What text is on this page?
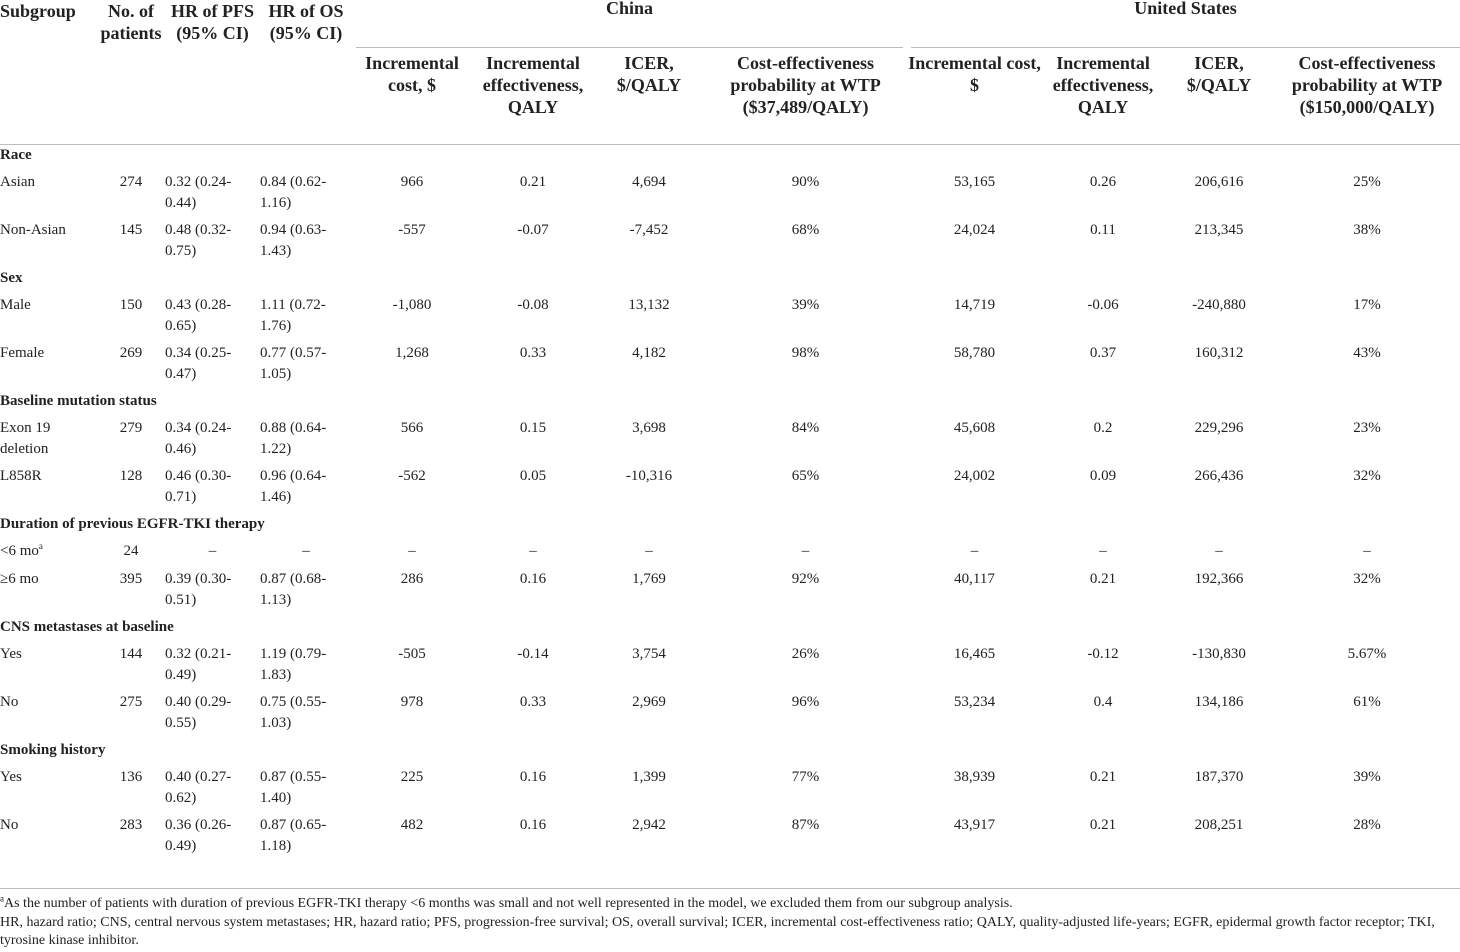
Subgroup	No. of patients	HR of PFS (95% CI)	HR of OS (95% CI)	China				United States			

				Incremental cost, $	Incremental effectiveness, QALY	ICER, $/QALY	Cost-effectiveness probability at WTP ($37,489/QALY)	Incremental cost, $	Incremental effectiveness, QALY	ICER, $/QALY	Cost-effectiveness probability at WTP ($150,000/QALY)
Race											
Asian	274	0.32 (0.24-0.44)	0.84 (0.62-1.16)	966	0.21	4,694	90%	53,165	0.26	206,616	25%
Non-Asian	145	0.48 (0.32-0.75)	0.94 (0.63-1.43)	-557	-0.07	-7,452	68%	24,024	0.11	213,345	38%
Sex											
Male	150	0.43 (0.28-0.65)	1.11 (0.72-1.76)	-1,080	-0.08	13,132	39%	14,719	-0.06	-240,880	17%
Female	269	0.34 (0.25-0.47)	0.77 (0.57-1.05)	1,268	0.33	4,182	98%	58,780	0.37	160,312	43%
Baseline mutation status											
Exon 19 deletion	279	0.34 (0.24-0.46)	0.88 (0.64-1.22)	566	0.15	3,698	84%	45,608	0.2	229,296	23%
L858R	128	0.46 (0.30-0.71)	0.96 (0.64-1.46)	-562	0.05	-10,316	65%	24,002	0.09	266,436	32%
Duration of previous EGFR-TKI therapy											
<6 $mo^a$	24	–	–	–	–	–	–	–	–	–	–
≥6 mo	395	0.39 (0.30-0.51)	0.87 (0.68-1.13)	286	0.16	1,769	92%	40,117	0.21	192,366	32%
CNS metastases at baseline											
Yes	144	0.32 (0.21-0.49)	1.19 (0.79-1.83)	-505	-0.14	3,754	26%	16,465	-0.12	-130,830	5.67%
No	275	0.40 (0.29-0.55)	0.75 (0.55-1.03)	978	0.33	2,969	96%	53,234	0.4	134,186	61%
Smoking history											
Yes	136	0.40 (0.27-0.62)	0.87 (0.55-1.40)	225	0.16	1,399	77%	38,939	0.21	187,370	39%
No	283	0.36 (0.26-0.49)	0.87 (0.65-1.18)	482	0.16	2,942	87%	43,917	0.21	208,251	28%

$^a$As the number of patients with duration of previous EGFR-TKI therapy <6 months was small and not well represented in the model, we excluded them from our subgroup analysis.

HR, hazard ratio; CNS, central nervous system metastases; HR, hazard ratio; PFS, progression-free survival; OS, overall survival; ICER, incremental cost-effectiveness ratio; QALY, quality-adjusted life-years; EGFR, epidermal growth factor receptor; TKI, tyrosine kinase inhibitor.
